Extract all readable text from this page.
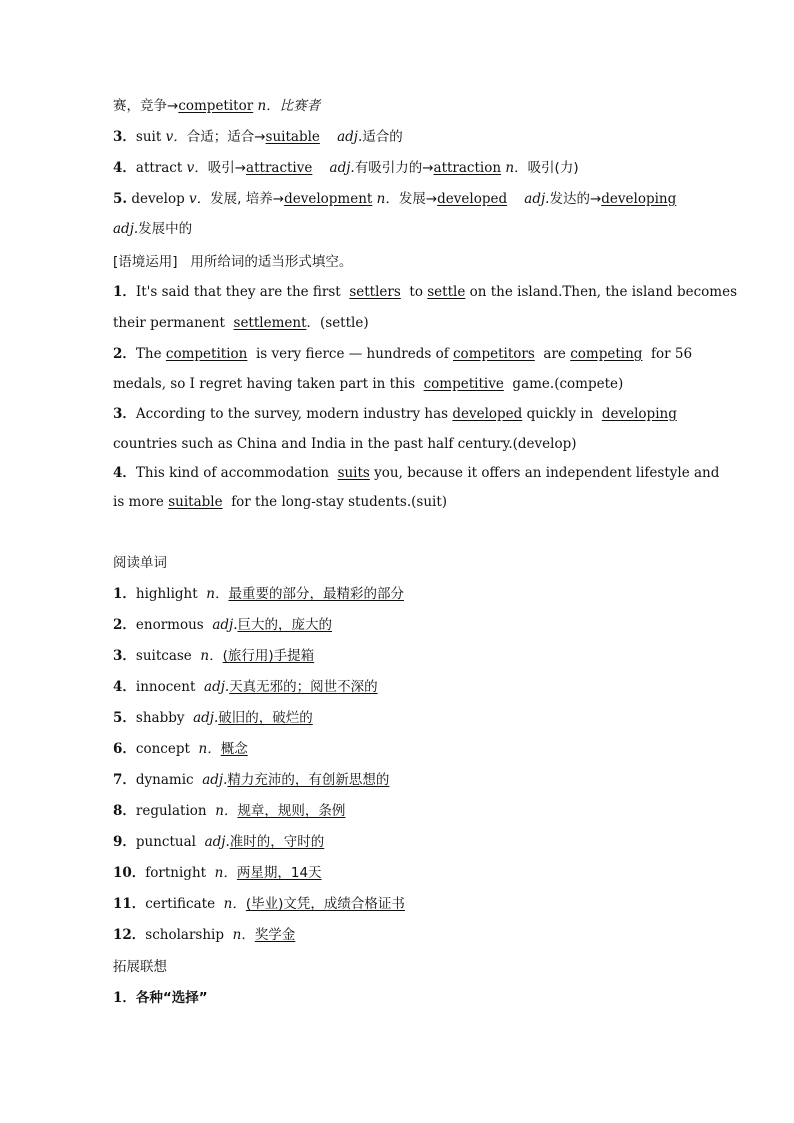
赛，竞争→competitor n．比赛者
3．suit v．合适；适合→suitable adj.适合的
4．attract v．吸引→attractive adj.有吸引力的→attraction n．吸引(力)
5. develop v．发展, 培养→development n．发展→developed adj.发达的→developing
adj.发展中的
[语境运用] 用所给词的适当形式填空。
1．It's said that they are the first settlers to settle on the island.Then, the island becomes
their permanent settlement．(settle)
2．The competition is very fierce — hundreds of competitors are competing for 56
medals, so I regret having taken part in this competitive game.(compete)
3．According to the survey, modern industry has developed quickly in developing
countries such as China and India in the past half century.(develop)
4．This kind of accommodation suits you, because it offers an independent lifestyle and
is more suitable for the long-stay students.(suit)
阅读单词
1．highlight n．最重要的部分，最精彩的部分
2．enormous adj.巨大的，庞大的
3．suitcase n．(旅行用)手提箱
4．innocent adj.天真无邪的；阅世不深的
5．shabby adj.破旧的，破烂的
6．concept n．概念
7．dynamic adj.精力充沛的，有创新思想的
8．regulation n．规章，规则，条例
9．punctual adj.准时的，守时的
10．fortnight n．两星期，14天
11．certificate n．(毕业)文凭，成绩合格证书
12．scholarship n．奖学金
拓展联想
1．各种“选择”
